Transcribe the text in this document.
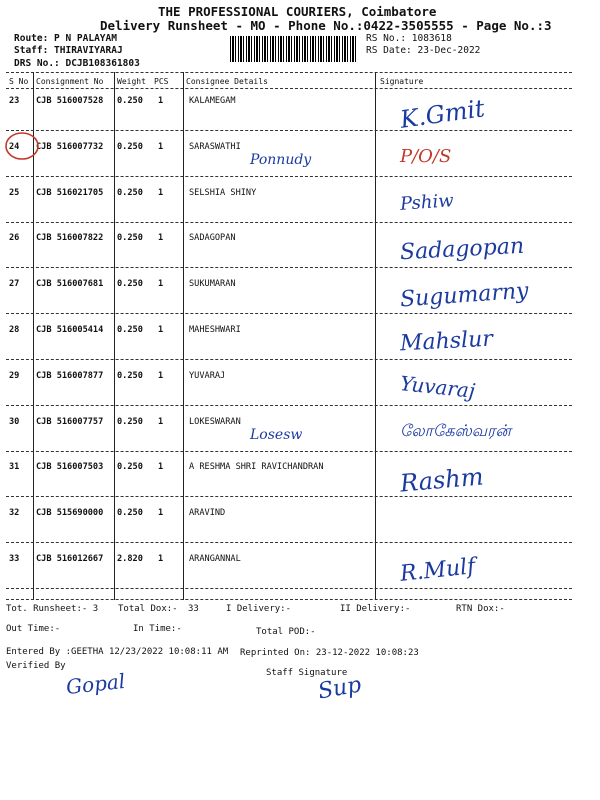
THE PROFESSIONAL COURIERS, Coimbatore
Delivery Runsheet - MO - Phone No.:0422-3505555 - Page No.:3
Route: P N PALAYAM
Staff: THIRAVIYARAJ
DRS No.: DCJB108361803
RS No.: 1083618
RS Date: 23-Dec-2022
S No Consignment No Weight PCS Consignee Details	Signature
23 CJB 516007528 0.250 1	KALAMEGAM	K.Gmit
24 CJB 516007732 0.250 1	SARASWATHI	P/O/S
Ponnudy
25 CJB 516021705 0.250 1	SELSHIA SHINY	Pshiw
26 CJB 516007822 0.250 1	SADAGOPAN	Sadagopan
27 CJB 516007681 0.250 1	SUKUMARAN	Sugumarny
28 CJB 516005414 0.250 1	MAHESHWARI	Mahslur
29 CJB 516007877 0.250 1	YUVARAJ	Yuvaraj
30 CJB 516007757 0.250 1	LOKESWARAN	லோகேஸ்வரன்
Losesw
31 CJB 516007503 0.250 1	A RESHMA SHRI RAVICHANDRAN	Rashm
32 CJB 515690000 0.250 1	ARAVIND
33 CJB 516012667 2.820 1	ARANGANNAL	R.Mulf
Tot. Runsheet:- 3 Total Dox:- 33	I Delivery:-	II Delivery:-	RTN Dox:-
Out Time:-	In Time:-	Total POD:-
Entered By :GEETHA 12/23/2022 10:08:11 AM Reprinted On: 23-12-2022 10:08:23
Verified By
Staff Signature
Gopal	Sup
